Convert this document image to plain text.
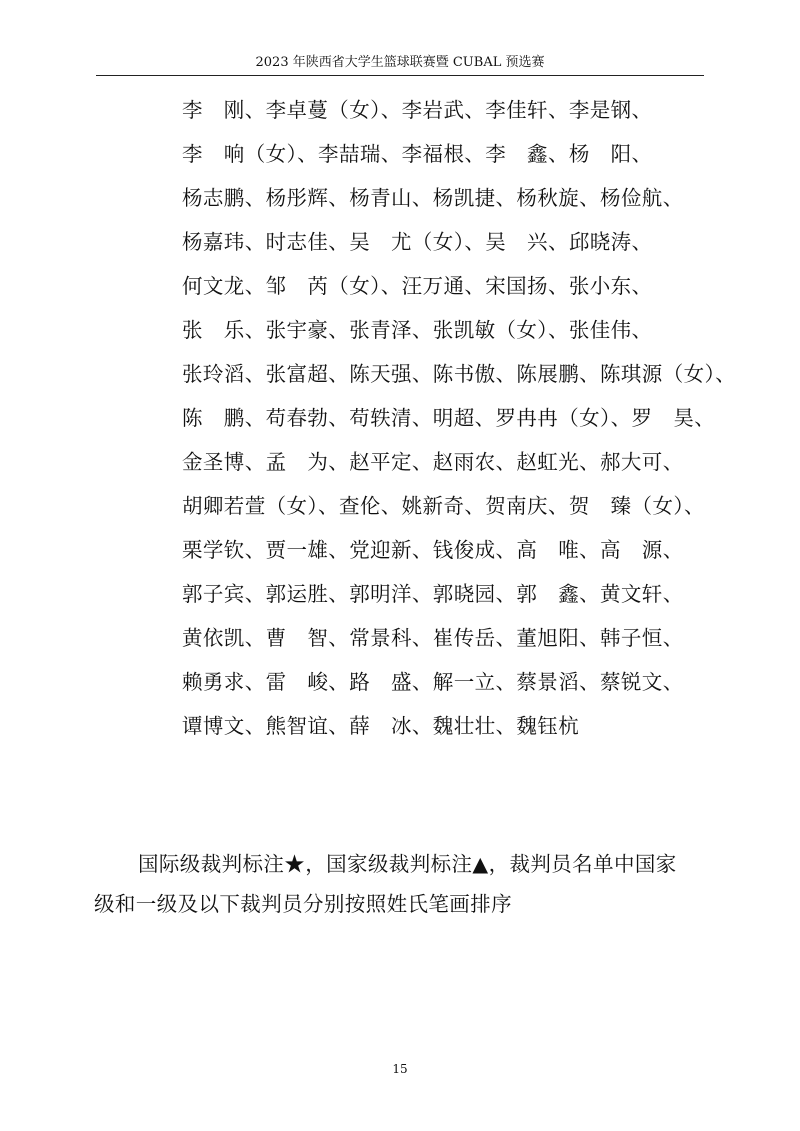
2023 年陕西省大学生篮球联赛暨 CUBAL 预选赛
李　刚、李卓蔓（女）、李岩武、李佳轩、李是钢、
李　响（女）、李喆瑞、李福根、李　鑫、杨　阳、
杨志鹏、杨彤辉、杨青山、杨凯捷、杨秋旋、杨俭航、
杨嘉玮、时志佳、吴　尤（女）、吴　兴、邱晓涛、
何文龙、邹　芮（女）、汪万通、宋国扬、张小东、
张　乐、张宇豪、张青泽、张凯敏（女）、张佳伟、
张玲滔、张富超、陈天强、陈书傲、陈展鹏、陈琪源（女）、
陈　鹏、苟春勃、苟轶清、明超、罗冉冉（女）、罗　昊、
金圣博、孟　为、赵平定、赵雨农、赵虹光、郝大可、
胡卿若萱（女）、查伦、姚新奇、贺南庆、贺　臻（女）、
栗学钦、贾一雄、党迎新、钱俊成、高　唯、高　源、
郭子宾、郭运胜、郭明洋、郭晓园、郭　鑫、黄文轩、
黄依凯、曹　智、常景科、崔传岳、董旭阳、韩子恒、
赖勇求、雷　峻、路　盛、解一立、蔡景滔、蔡锐文、
谭博文、熊智谊、薛　冰、魏壮壮、魏钰杭
国际级裁判标注★，国家级裁判标注▲，裁判员名单中国家
级和一级及以下裁判员分别按照姓氏笔画排序
15
